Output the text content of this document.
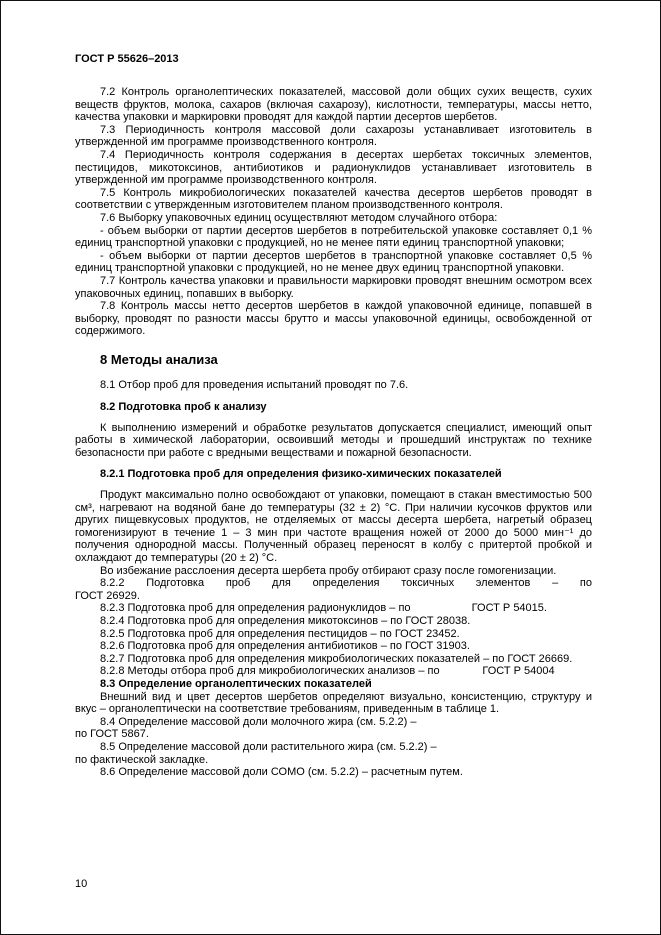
ГОСТ Р 55626–2013

7.2 Контроль органолептических показателей, массовой доли общих сухих веществ, сухих веществ фруктов, молока, сахаров (включая сахарозу), кислотности, температуры, массы нетто, качества упаковки и маркировки проводят для каждой партии десертов шербетов.

7.3 Периодичность контроля массовой доли сахарозы устанавливает изготовитель в утвержденной им программе производственного контроля.

7.4 Периодичность контроля содержания в десертах шербетах токсичных элементов, пестицидов, микотоксинов, антибиотиков и радионуклидов устанавливает изготовитель в утвержденной им программе производственного контроля.

7.5 Контроль микробиологических показателей качества десертов шербетов проводят в соответствии с утвержденным изготовителем планом производственного контроля.

7.6 Выборку упаковочных единиц осуществляют методом случайного отбора:

- объем выборки от партии десертов шербетов в потребительской упаковке составляет 0,1 % единиц транспортной упаковки с продукцией, но не менее пяти единиц транспортной упаковки;

- объем выборки от партии десертов шербетов в транспортной упаковке составляет 0,5 % единиц транспортной упаковки с продукцией, но не менее двух единиц транспортной упаковки.

7.7 Контроль качества упаковки и правильности маркировки проводят внешним осмотром всех упаковочных единиц, попавших в выборку.

7.8 Контроль массы нетто десертов шербетов в каждой упаковочной единице, попавшей в выборку, проводят по разности массы брутто и массы упаковочной единицы, освобожденной от содержимого.

8 Методы анализа

8.1 Отбор проб для проведения испытаний проводят по 7.6.

8.2 Подготовка проб к анализу

К выполнению измерений и обработке результатов допускается специалист, имеющий опыт работы в химической лаборатории, освоивший методы и прошедший инструктаж по технике безопасности при работе с вредными веществами и пожарной безопасности.

8.2.1 Подготовка проб для определения физико-химических показателей

Продукт максимально полно освобождают от упаковки, помещают в стакан вместимостью 500 см³, нагревают на водяной бане до температуры (32 ± 2) °С. При наличии кусочков фруктов или других пищевкусовых продуктов, не отделяемых от массы десерта шербета, нагретый образец гомогенизируют в течение 1 – 3 мин при частоте вращения ножей от 2000 до 5000 мин⁻¹ до получения однородной массы. Полученный образец переносят в колбу с притертой пробкой и охлаждают до температуры (20 ± 2) °С.

Во избежание расслоения десерта шербета пробу отбирают сразу после гомогенизации.

8.2.2 Подготовка проб для определения токсичных элементов – по

ГОСТ 26929.

8.2.3 Подготовка проб для определения радионуклидов – по                    ГОСТ Р 54015.

8.2.4 Подготовка проб для определения микотоксинов – по ГОСТ 28038.

8.2.5 Подготовка проб для определения пестицидов – по ГОСТ 23452.

8.2.6 Подготовка проб для определения антибиотиков – по ГОСТ 31903.

8.2.7 Подготовка проб для определения микробиологических показателей – по ГОСТ 26669.

8.2.8 Методы отбора проб для микробиологических анализов – по              ГОСТ Р 54004

8.3 Определение органолептических показателей

Внешний вид и цвет десертов шербетов определяют визуально, консистенцию, структуру и вкус – органолептически на соответствие требованиям, приведенным в таблице 1.

8.4 Определение массовой доли молочного жира (см. 5.2.2) –

по ГОСТ 5867.

8.5 Определение массовой доли растительного жира (см. 5.2.2) –

по фактической закладке.

8.6 Определение массовой доли СОМО (см. 5.2.2) – расчетным путем.

10
